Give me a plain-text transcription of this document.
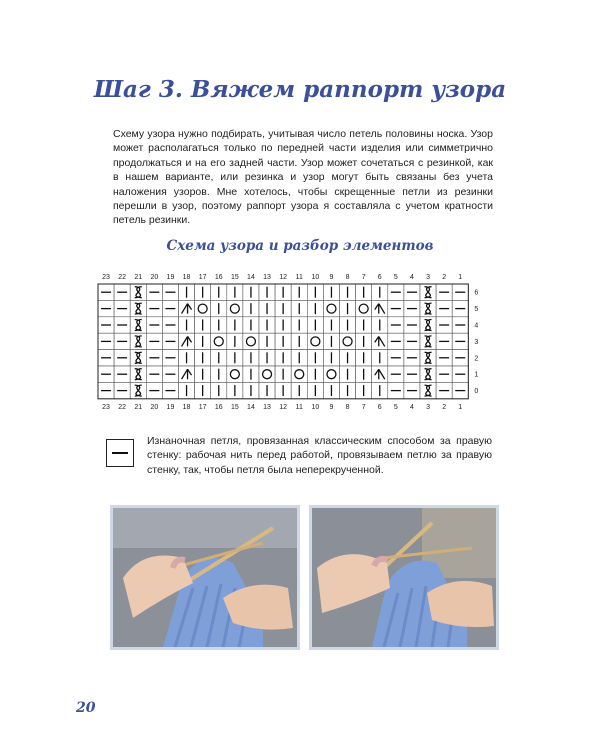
Шаг 3. Вяжем раппорт узора

Схему узора нужно подбирать, учитывая число петель половины носка. Узор может располагаться только по передней части изделия или симметрично продолжаться и на его задней части. Узор может сочетаться с резинкой, как в нашем варианте, или резинка и узор могут быть связаны без учета наложения узоров. Мне хотелось, чтобы скрещенные петли из резинки перешли в узор, поэтому раппорт узора я составляла с учетом кратности петель резинки.

Схема узора и разбор элементов
23
23
22
22
21
21
20
20
19
19
18
18
17
17
16
16
15
15
14
14
13
13
12
12
11
11
10
10
9
9
8
8
7
7
6
6
5
5
4
4
3
3
2
2
1
1
6
5
4
3
2
1
0

Изнаночная петля, провязанная классическим способом за правую стенку: рабочая нить перед работой, провязываем петлю за правую стенку, так, чтобы петля была неперекрученной.

20
